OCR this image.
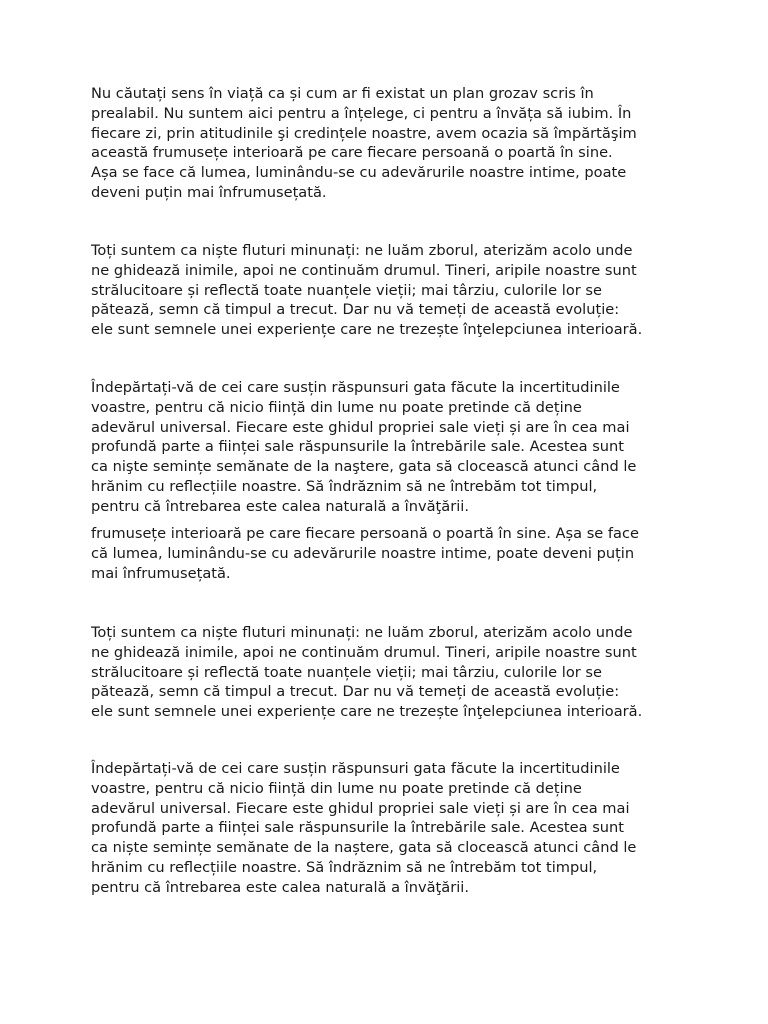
Nu căutați sens în viață ca și cum ar fi existat un plan grozav scris în
prealabil. Nu suntem aici pentru a înțelege, ci pentru a învăța să iubim. În
fiecare zi, prin atitudinile şi credințele noastre, avem ocazia să împărtăşim
această frumusețe interioară pe care fiecare persoană o poartă în sine.
Așa se face că lumea, luminându-se cu adevărurile noastre intime, poate
deveni puțin mai înfrumusețată.

Toți suntem ca niște fluturi minunați: ne luăm zborul, aterizăm acolo unde
ne ghidează inimile, apoi ne continuăm drumul. Tineri, aripile noastre sunt
strălucitoare și reflectă toate nuanțele vieții; mai târziu, culorile lor se
pătează, semn că timpul a trecut. Dar nu vă temeți de această evoluție:
ele sunt semnele unei experiențe care ne trezește înţelepciunea interioară.

Îndepărtați-vă de cei care susțin răspunsuri gata făcute la incertitudinile
voastre, pentru că nicio ființă din lume nu poate pretinde că deține
adevărul universal. Fiecare este ghidul propriei sale vieți și are în cea mai
profundă parte a ființei sale răspunsurile la întrebările sale. Acestea sunt
ca nişte semințe semănate de la naştere, gata să clocească atunci când le
hrănim cu reflecțiile noastre. Să îndrăznim să ne întrebăm tot timpul,
pentru că întrebarea este calea naturală a învăţării.

frumusețe interioară pe care fiecare persoană o poartă în sine. Așa se face
că lumea, luminându-se cu adevărurile noastre intime, poate deveni puțin
mai înfrumusețată.

Toți suntem ca niște fluturi minunați: ne luăm zborul, aterizăm acolo unde
ne ghidează inimile, apoi ne continuăm drumul. Tineri, aripile noastre sunt
strălucitoare și reflectă toate nuanțele vieții; mai târziu, culorile lor se
pătează, semn că timpul a trecut. Dar nu vă temeți de această evoluție:
ele sunt semnele unei experiențe care ne trezește înţelepciunea interioară.

Îndepărtați-vă de cei care susțin răspunsuri gata făcute la incertitudinile
voastre, pentru că nicio ființă din lume nu poate pretinde că deține
adevărul universal. Fiecare este ghidul propriei sale vieți și are în cea mai
profundă parte a ființei sale răspunsurile la întrebările sale. Acestea sunt
ca niște semințe semănate de la naștere, gata să clocească atunci când le
hrănim cu reflecțiile noastre. Să îndrăznim să ne întrebăm tot timpul,
pentru că întrebarea este calea naturală a învăţării.
